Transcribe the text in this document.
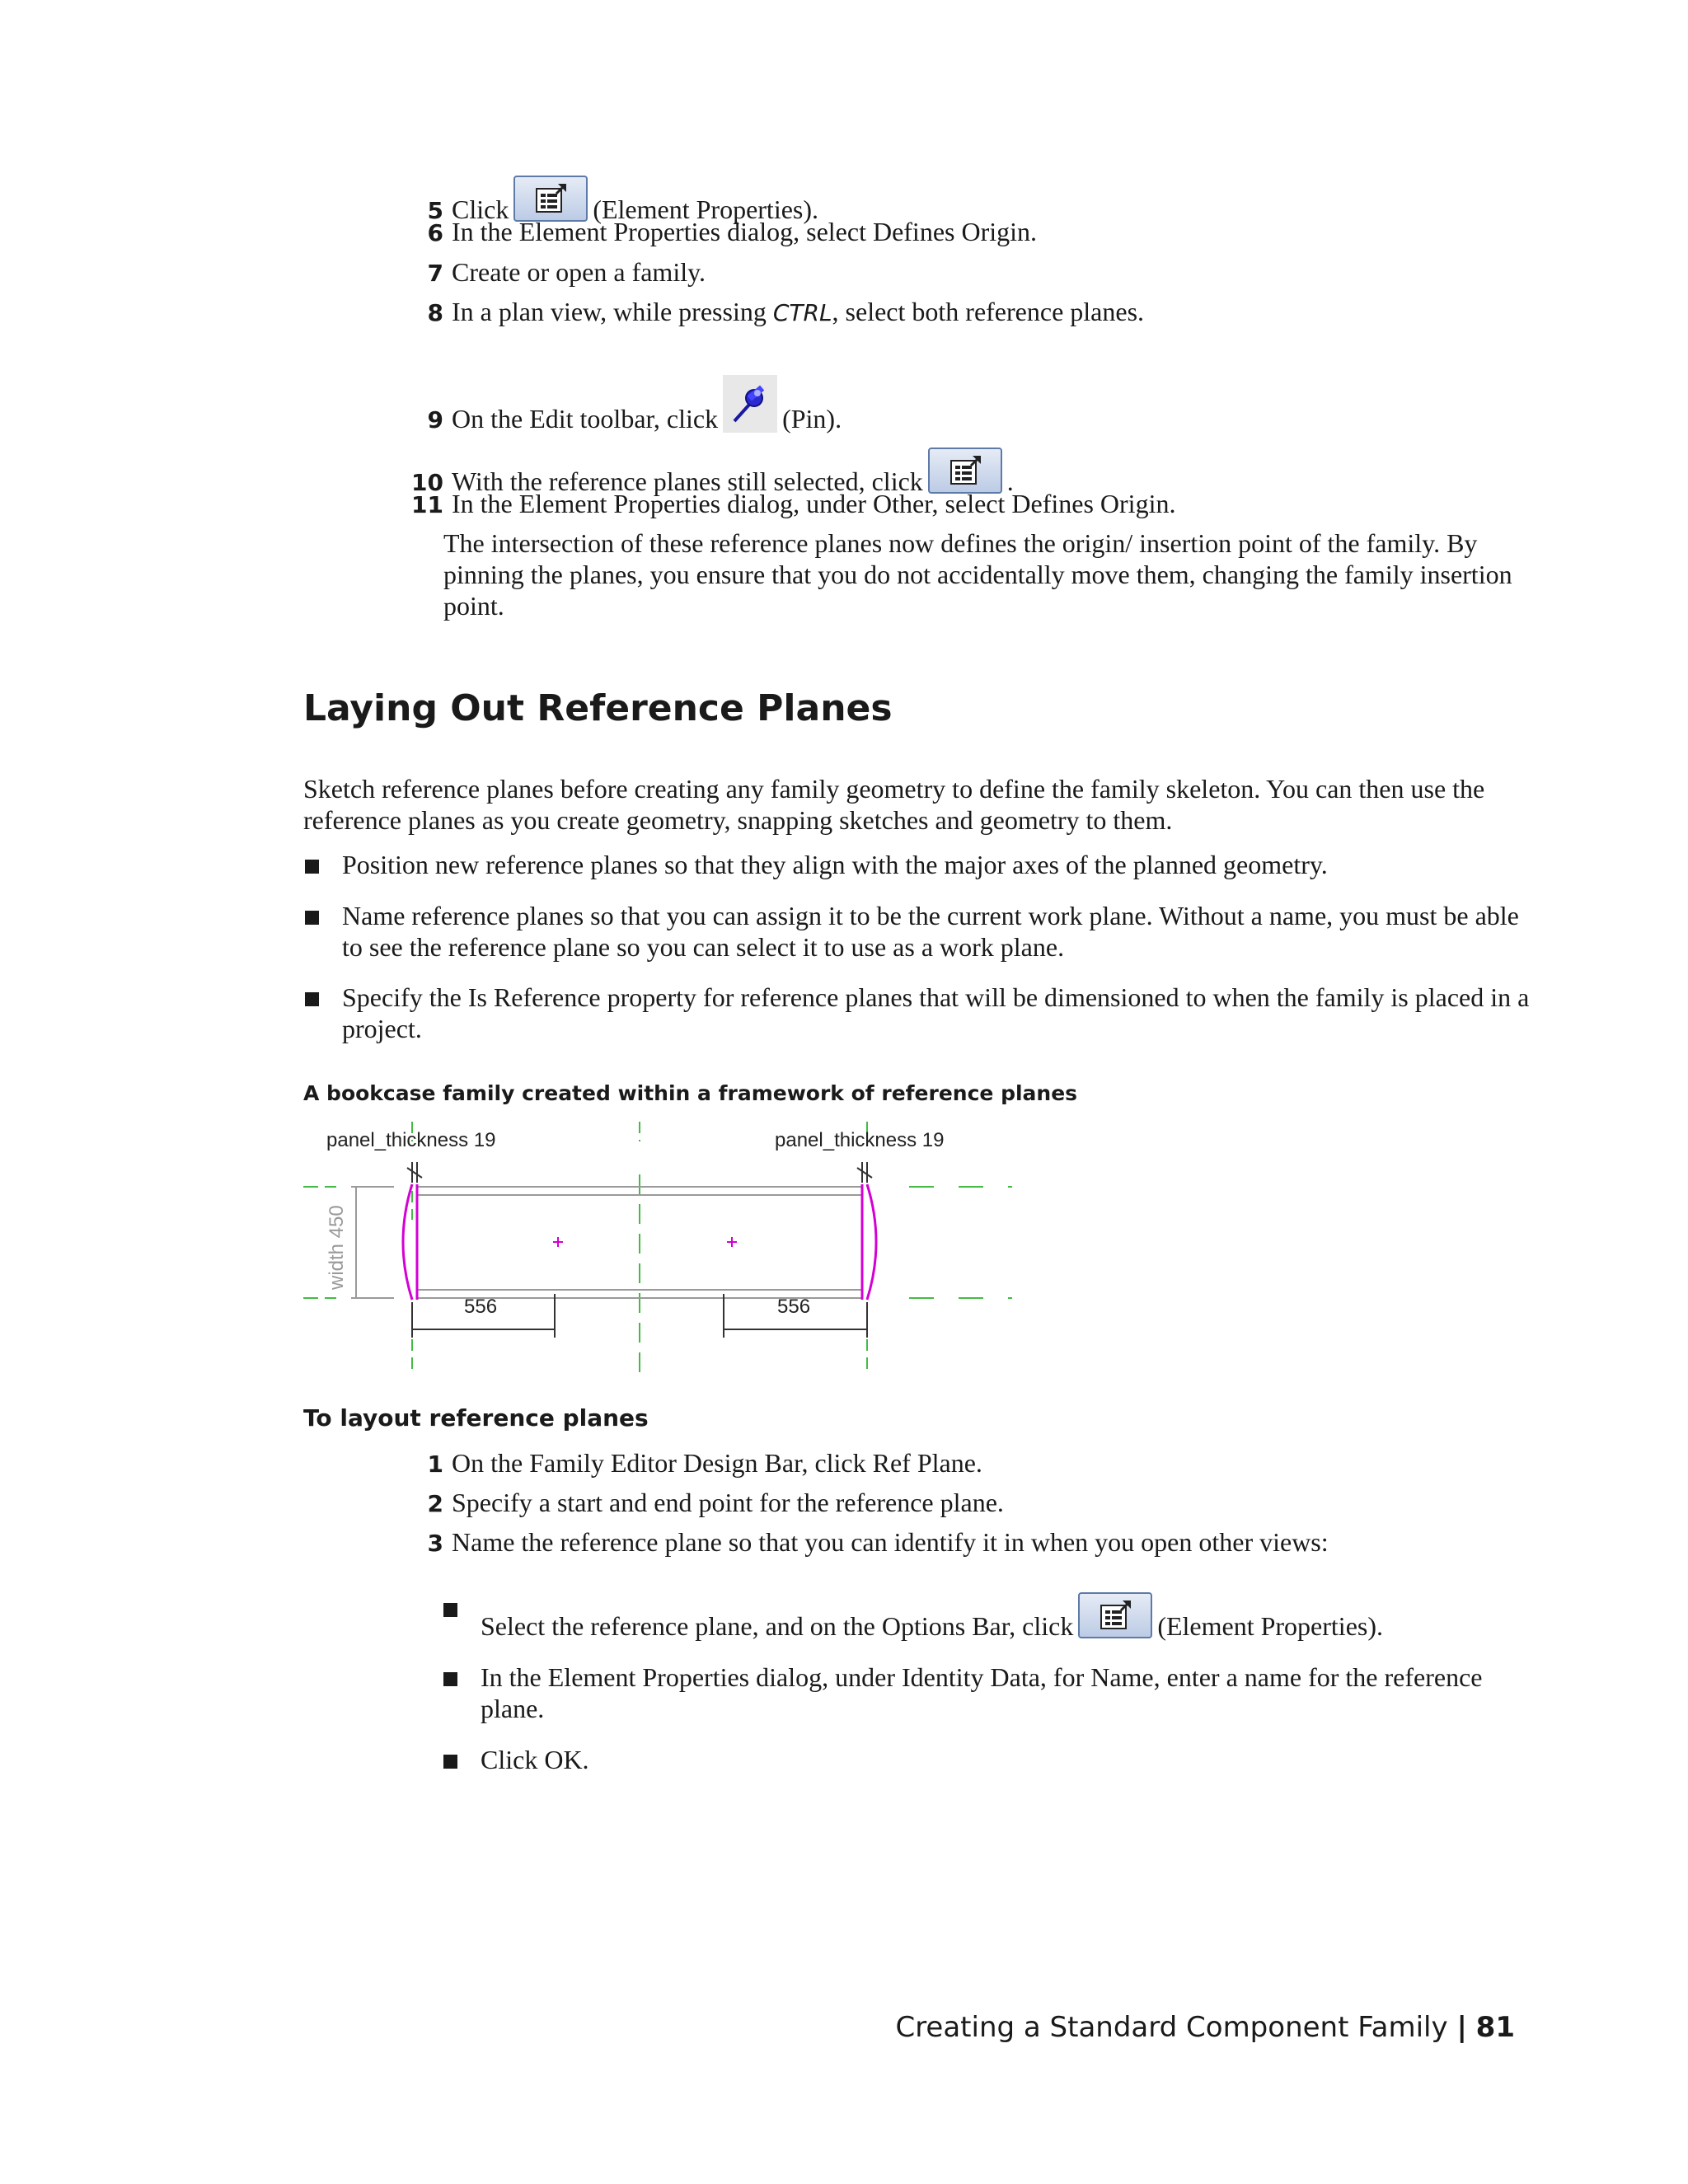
5 Click	(Element Properties).
6 In the Element Properties dialog, select Defines Origin.
7 Create or open a family.
8 In a plan view, while pressing CTRL, select both reference planes.
9 On the Edit toolbar, click (Pin).
10 With the reference planes still selected, click	.
11 In the Element Properties dialog, under Other, select Defines Origin.
The intersection of these reference planes now defines the origin/ insertion point of the family. By pinning the planes, you ensure that you do not accidentally move them, changing the family insertion point.
Laying Out Reference Planes
Sketch reference planes before creating any family geometry to define the family skeleton. You can then use the reference planes as you create geometry, snapping sketches and geometry to them.
Position new reference planes so that they align with the major axes of the planned geometry.
Name reference planes so that you can assign it to be the current work plane. Without a name, you must be able to see the reference plane so you can select it to use as a work plane.
Specify the Is Reference property for reference planes that will be dimensioned to when the family is placed in a project.
A bookcase family created within a framework of reference planes
panel_thickness 19	panel_thickness 19
556	556
width 450
To layout reference planes
1 On the Family Editor Design Bar, click Ref Plane.
2 Specify a start and end point for the reference plane.
3 Name the reference plane so that you can identify it in when you open other views:
Select the reference plane, and on the Options Bar, click	(Element Properties).
In the Element Properties dialog, under Identity Data, for Name, enter a name for the reference plane.
Click OK.
Creating a Standard Component Family | 81
